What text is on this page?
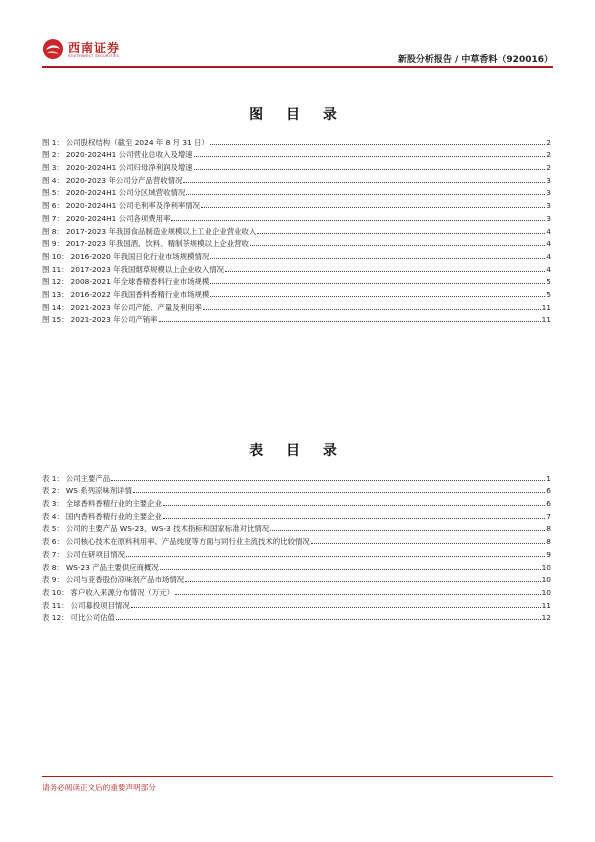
西南证券
SOUTHWEST SECURITIES	新股分析报告 / 中草香料（920016）
图 目 录
图 1： 公司股权结构（截至 2024 年 8 月 31 日）	2
图 2： 2020-2024H1 公司营业总收入及增速	2
图 3： 2020-2024H1 公司归母净利润及增速	2
图 4： 2020-2023 年公司分产品营收情况	3
图 5： 2020-2024H1 公司分区域营收情况	3
图 6： 2020-2024H1 公司毛利率及净利率情况	3
图 7： 2020-2024H1 公司各项费用率	3
图 8： 2017-2023 年我国食品制造业规模以上工业企业营业收入	4
图 9： 2017-2023 年我国酒、饮料、精制茶规模以上企业营收	4
图 10： 2016-2020 年我国日化行业市场规模情况	4
图 11： 2017-2023 年我国烟草规模以上企业收入情况	4
图 12： 2008-2021 年全球香精香料行业市场规模	5
图 13： 2016-2022 年我国香料香精行业市场规模	5
图 14： 2021-2023 年公司产能、产量及利用率	11
图 15： 2021-2023 年公司产销率	11
表 目 录
表 1： 公司主要产品	1
表 2： WS 系列凉味剂详情	6
表 3： 全球香料香精行业的主要企业	6
表 4： 国内香料香精行业的主要企业	7
表 5： 公司的主要产品 WS-23、WS-3 技术指标和国家标准对比情况	8
表 6： 公司核心技术在原料利用率、产品纯度等方面与同行业主流技术的比较情况	8
表 7： 公司在研项目情况	9
表 8： WS-23 产品主要供应商概况	10
表 9： 公司与亚香股份凉味剂产品市场情况	10
表 10： 客户收入来源分布情况（万元）	10
表 11： 公司募投项目情况	11
表 12： 可比公司估值	12
请务必阅读正文后的重要声明部分
